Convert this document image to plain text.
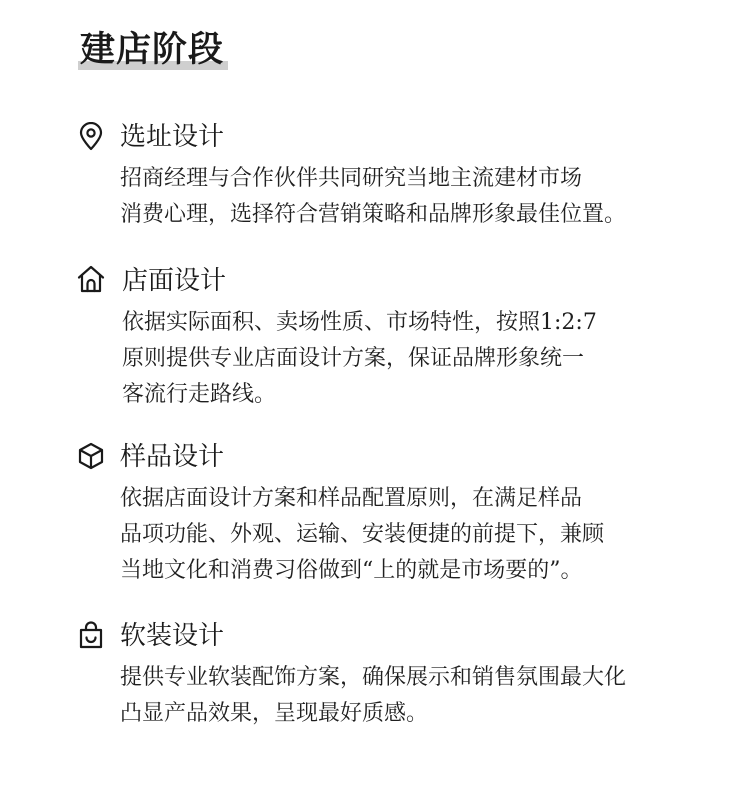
建店阶段
选址设计

招商经理与合作伙伴共同研究当地主流建材市场
消费心理，选择符合营销策略和品牌形象最佳位置。

店面设计

依据实际面积、卖场性质、市场特性，按照1:2:7
原则提供专业店面设计方案，保证品牌形象统一
客流行走路线。

样品设计

依据店面设计方案和样品配置原则，在满足样品
品项功能、外观、运输、安装便捷的前提下，兼顾
当地文化和消费习俗做到“上的就是市场要的”。

软装设计

提供专业软装配饰方案，确保展示和销售氛围最大化
凸显产品效果，呈现最好质感。
